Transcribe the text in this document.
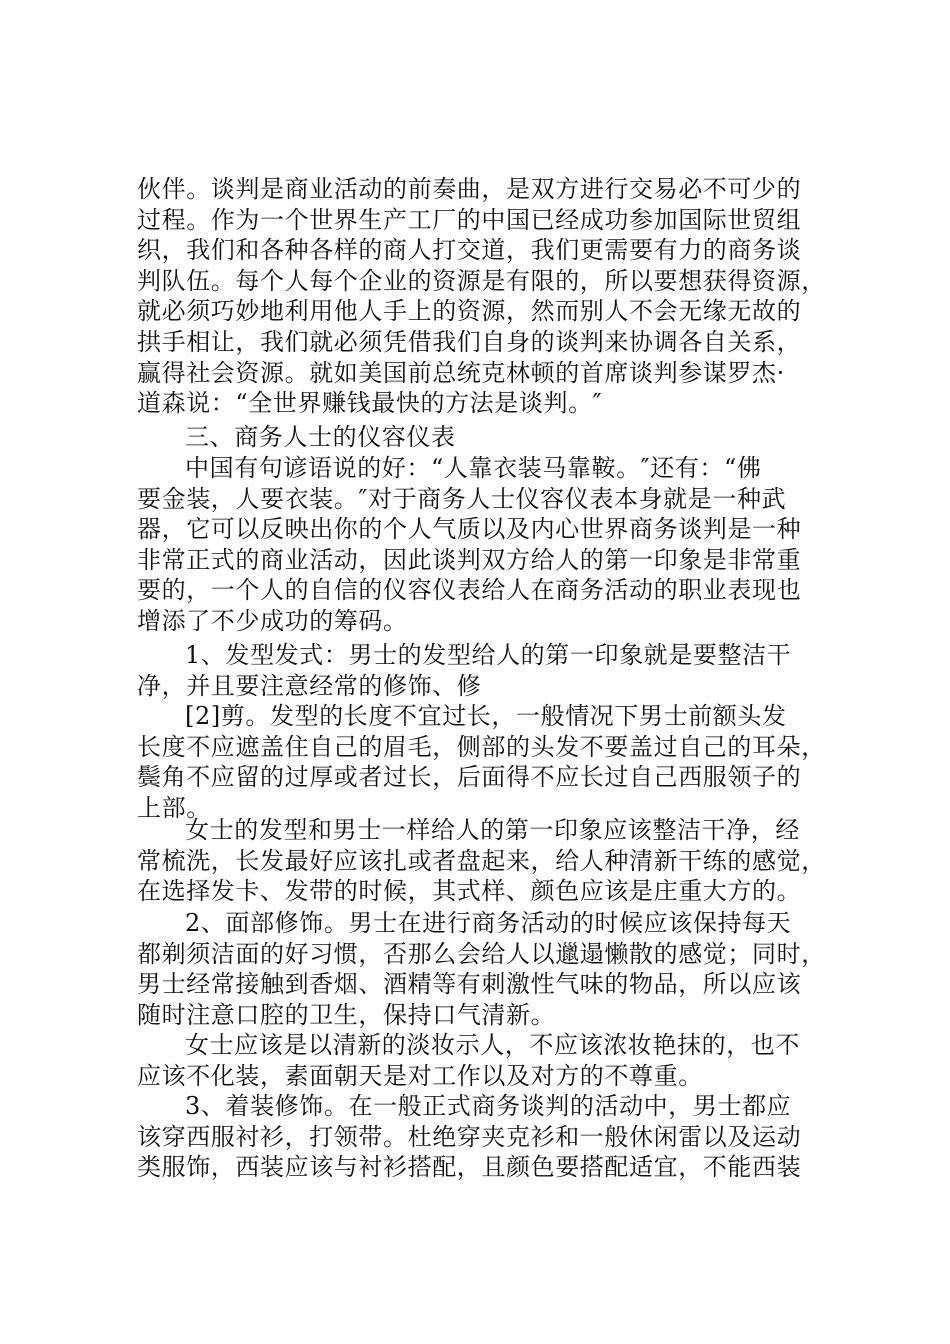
伙伴。谈判是商业活动的前奏曲，是双方进行交易必不可少的
过程。作为一个世界生产工厂的中国已经成功参加国际世贸组
织，我们和各种各样的商人打交道，我们更需要有力的商务谈
判队伍。每个人每个企业的资源是有限的，所以要想获得资源，
就必须巧妙地利用他人手上的资源，然而别人不会无缘无故的
拱手相让，我们就必须凭借我们自身的谈判来协调各自关系，
赢得社会资源。就如美国前总统克林顿的首席谈判参谋罗杰·
道森说：“全世界赚钱最快的方法是谈判。″
三、商务人士的仪容仪表
中国有句谚语说的好：“人靠衣装马靠鞍。″还有：“佛
要金装，人要衣装。″对于商务人士仪容仪表本身就是一种武
器，它可以反映出你的个人气质以及内心世界商务谈判是一种
非常正式的商业活动，因此谈判双方给人的第一印象是非常重
要的，一个人的自信的仪容仪表给人在商务活动的职业表现也
增添了不少成功的筹码。
1、发型发式：男士的发型给人的第一印象就是要整洁干
净，并且要注意经常的修饰、修
[2]剪。发型的长度不宜过长，一般情况下男士前额头发
长度不应遮盖住自己的眉毛，侧部的头发不要盖过自己的耳朵，
鬓角不应留的过厚或者过长，后面得不应长过自己西服领子的
上部。
女士的发型和男士一样给人的第一印象应该整洁干净，经
常梳洗，长发最好应该扎或者盘起来，给人种清新干练的感觉，
在选择发卡、发带的时候，其式样、颜色应该是庄重大方的。
2、面部修饰。男士在进行商务活动的时候应该保持每天
都剃须洁面的好习惯，否那么会给人以邋遢懒散的感觉；同时，
男士经常接触到香烟、酒精等有刺激性气味的物品，所以应该
随时注意口腔的卫生，保持口气清新。
女士应该是以清新的淡妆示人，不应该浓妆艳抹的，也不
应该不化装，素面朝天是对工作以及对方的不尊重。
3、着装修饰。在一般正式商务谈判的活动中，男士都应
该穿西服衬衫，打领带。杜绝穿夹克衫和一般休闲雷以及运动
类服饰，西装应该与衬衫搭配，且颜色要搭配适宜，不能西装
